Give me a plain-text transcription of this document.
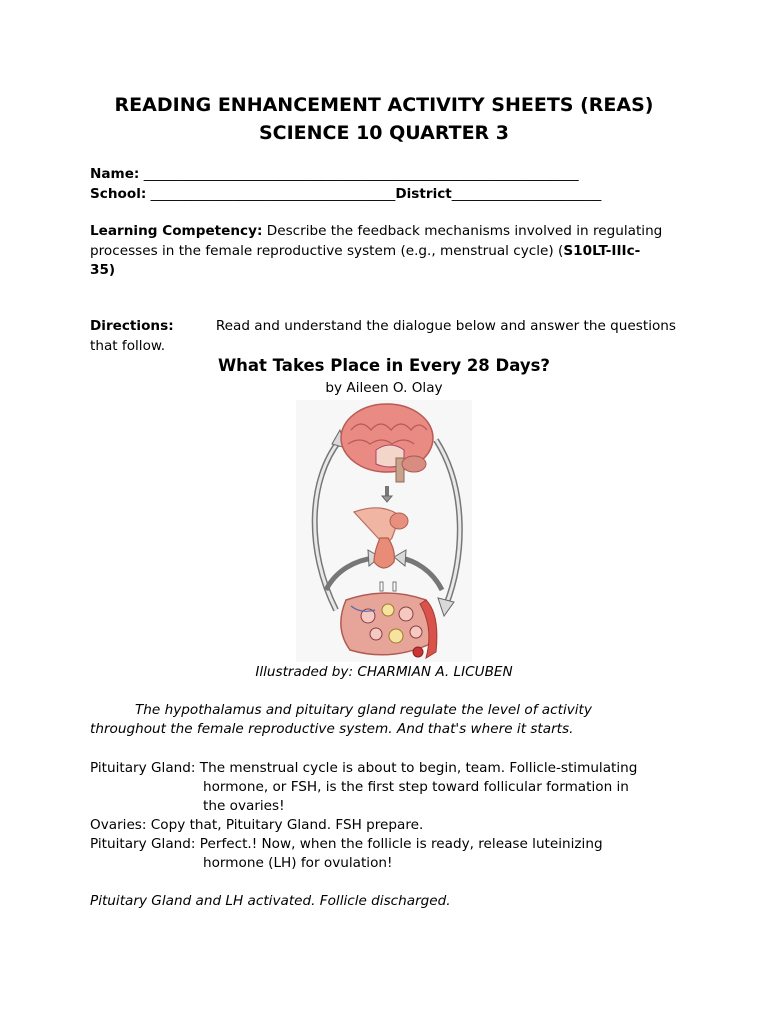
READING ENHANCEMENT ACTIVITY SHEETS (REAS)
SCIENCE 10 QUARTER 3
Name: ________________________________________________________________
School: ____________________________________District______________________
Learning Competency: Describe the feedback mechanisms involved in regulating
processes in the female reproductive system (e.g., menstrual cycle) (S10LT-IIIc-
35)
Directions:	Read and understand the dialogue below and answer the questions
that follow.
What Takes Place in Every 28 Days?
by Aileen O. Olay
Illustraded by: CHARMIAN A. LICUBEN
The hypothalamus and pituitary gland regulate the level of activity
throughout the female reproductive system. And that's where it starts.
Pituitary Gland: The menstrual cycle is about to begin, team. Follicle-stimulating
hormone, or FSH, is the first step toward follicular formation in
the ovaries!
Ovaries: Copy that, Pituitary Gland. FSH prepare.
Pituitary Gland: Perfect.! Now, when the follicle is ready, release luteinizing
hormone (LH) for ovulation!
Pituitary Gland and LH activated. Follicle discharged.
